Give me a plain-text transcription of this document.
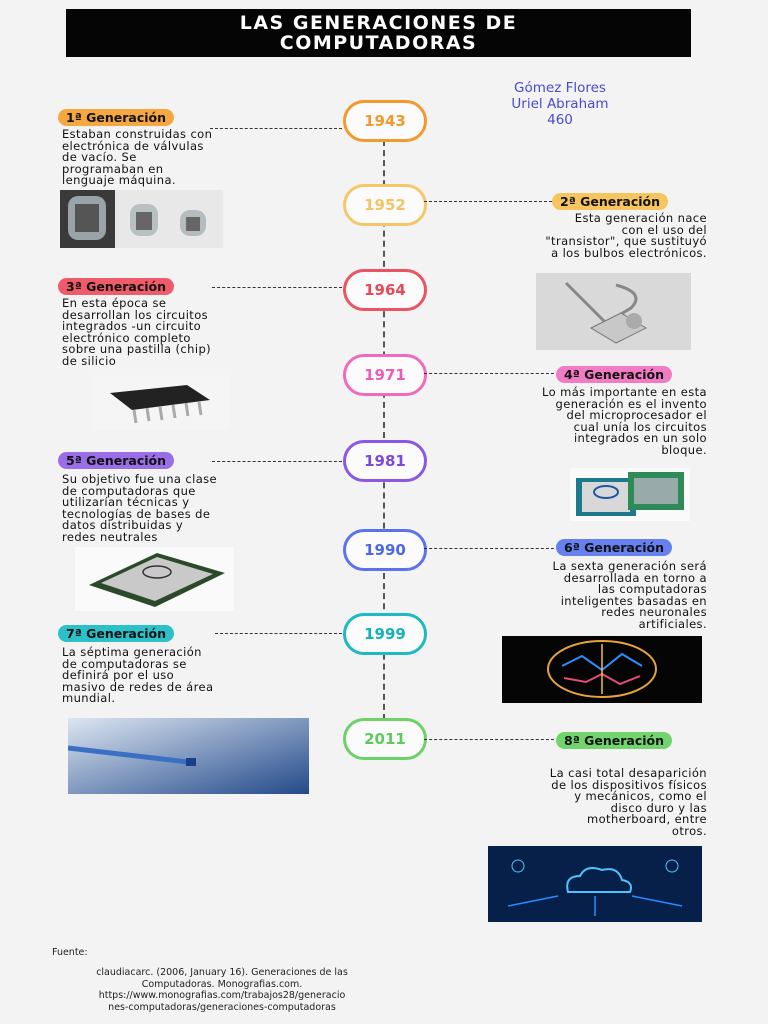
LAS GENERACIONES DE
COMPUTADORAS
Gómez Flores
Uriel Abraham
460
1943
1ª Generación
Estaban construidas con
electrónica de válvulas
de vacío. Se
programaban en
lenguaje máquina.
1952	2ª Generación
Esta generación nace
con el uso del
"transistor", que sustituyó
a los bulbos electrónicos.
1964
3ª Generación
En esta época se
desarrollan los circuitos
integrados -un circuito
electrónico completo
sobre una pastilla (chip)
de silicio
1971	4ª Generación
Lo más importante en esta
generación es el invento
del microprocesador el
cual unía los circuitos
integrados en un solo
bloque.
1981
5ª Generación
Su objetivo fue una clase
de computadoras que
utilizarían técnicas y
tecnologías de bases de
datos distribuidas y
redes neutrales
1990	6ª Generación
La sexta generación será
desarrollada en torno a
las computadoras
inteligentes basadas en
redes neuronales
artificiales.
1999
7ª Generación
La séptima generación
de computadoras se
definirá por el uso
masivo de redes de área
mundial.
2011	8ª Generación
La casi total desaparición
de los dispositivos físicos
y mecánicos, como el
disco duro y las
motherboard, entre
otros.
Fuente:
claudiacarc. (2006, January 16). Generaciones de las
Computadoras. Monografias.com.
https://www.monografias.com/trabajos28/generacio
nes-computadoras/generaciones-computadoras
